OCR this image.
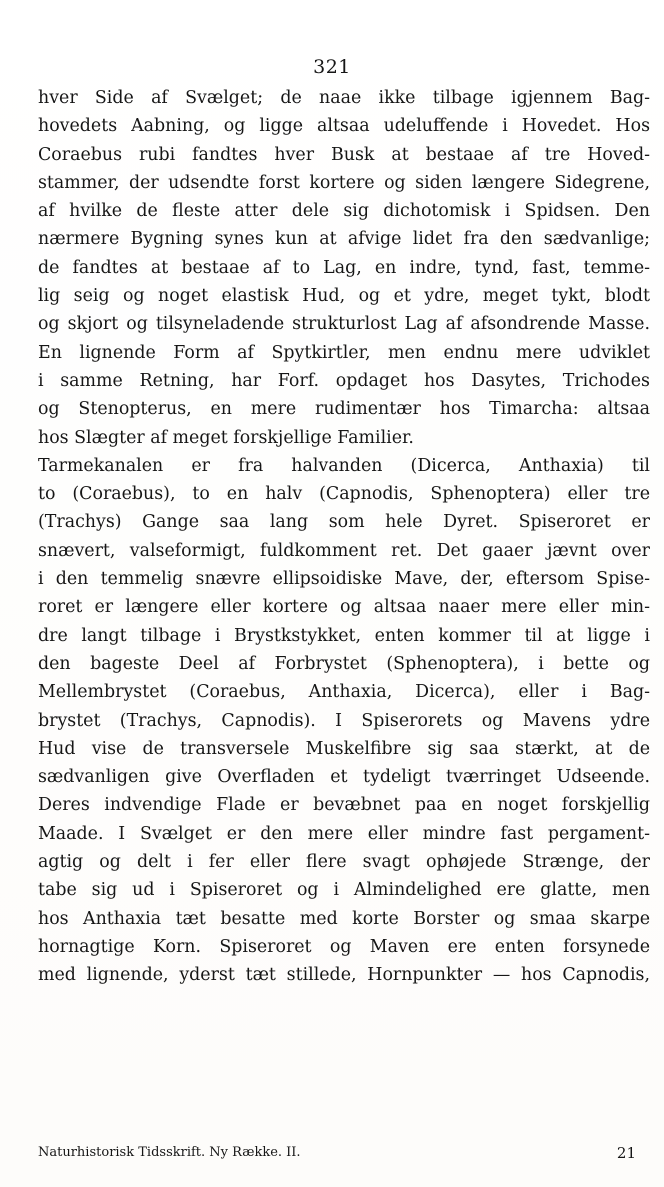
321
hver Side af Svælget; de naae ikke tilbage igjennem Bag-
hovedets Aabning, og ligge altsaa udeluffende i Hovedet. Hos
Coraebus rubi fandtes hver Busk at bestaae af tre Hoved-
stammer, der udsendte forst kortere og siden længere Sidegrene,
af hvilke de fleste atter dele sig dichotomisk i Spidsen. Den
nærmere Bygning synes kun at afvige lidet fra den sædvanlige;
de fandtes at bestaae af to Lag, en indre, tynd, fast, temme-
lig seig og noget elastisk Hud, og et ydre, meget tykt, blodt
og skjort og tilsyneladende strukturlost Lag af afsondrende Masse.
En lignende Form af Spytkirtler, men endnu mere udviklet
i samme Retning, har Forf. opdaget hos Dasytes, Trichodes
og Stenopterus, en mere rudimentær hos Timarcha: altsaa
hos Slægter af meget forskjellige Familier.
Tarmekanalen er fra halvanden (Dicerca, Anthaxia) til
to (Coraebus), to en halv (Capnodis, Sphenoptera) eller tre
(Trachys) Gange saa lang som hele Dyret. Spiseroret er
snævert, valseformigt, fuldkomment ret. Det gaaer jævnt over
i den temmelig snævre ellipsoidiske Mave, der, eftersom Spise-
roret er længere eller kortere og altsaa naaer mere eller min-
dre langt tilbage i Brystkstykket, enten kommer til at ligge i
den bageste Deel af Forbrystet (Sphenoptera), i bette og
Mellembrystet (Coraebus, Anthaxia, Dicerca), eller i Bag-
brystet (Trachys, Capnodis). I Spiserorets og Mavens ydre
Hud vise de transversele Muskelfibre sig saa stærkt, at de
sædvanligen give Overfladen et tydeligt tværringet Udseende.
Deres indvendige Flade er bevæbnet paa en noget forskjellig
Maade. I Svælget er den mere eller mindre fast pergament-
agtig og delt i fer eller flere svagt ophøjede Strænge, der
tabe sig ud i Spiseroret og i Almindelighed ere glatte, men
hos Anthaxia tæt besatte med korte Borster og smaa skarpe
hornagtige Korn. Spiseroret og Maven ere enten forsynede
med lignende, yderst tæt stillede, Hornpunkter — hos Capnodis,
Naturhistorisk Tidsskrift. Ny Række. II.	21
